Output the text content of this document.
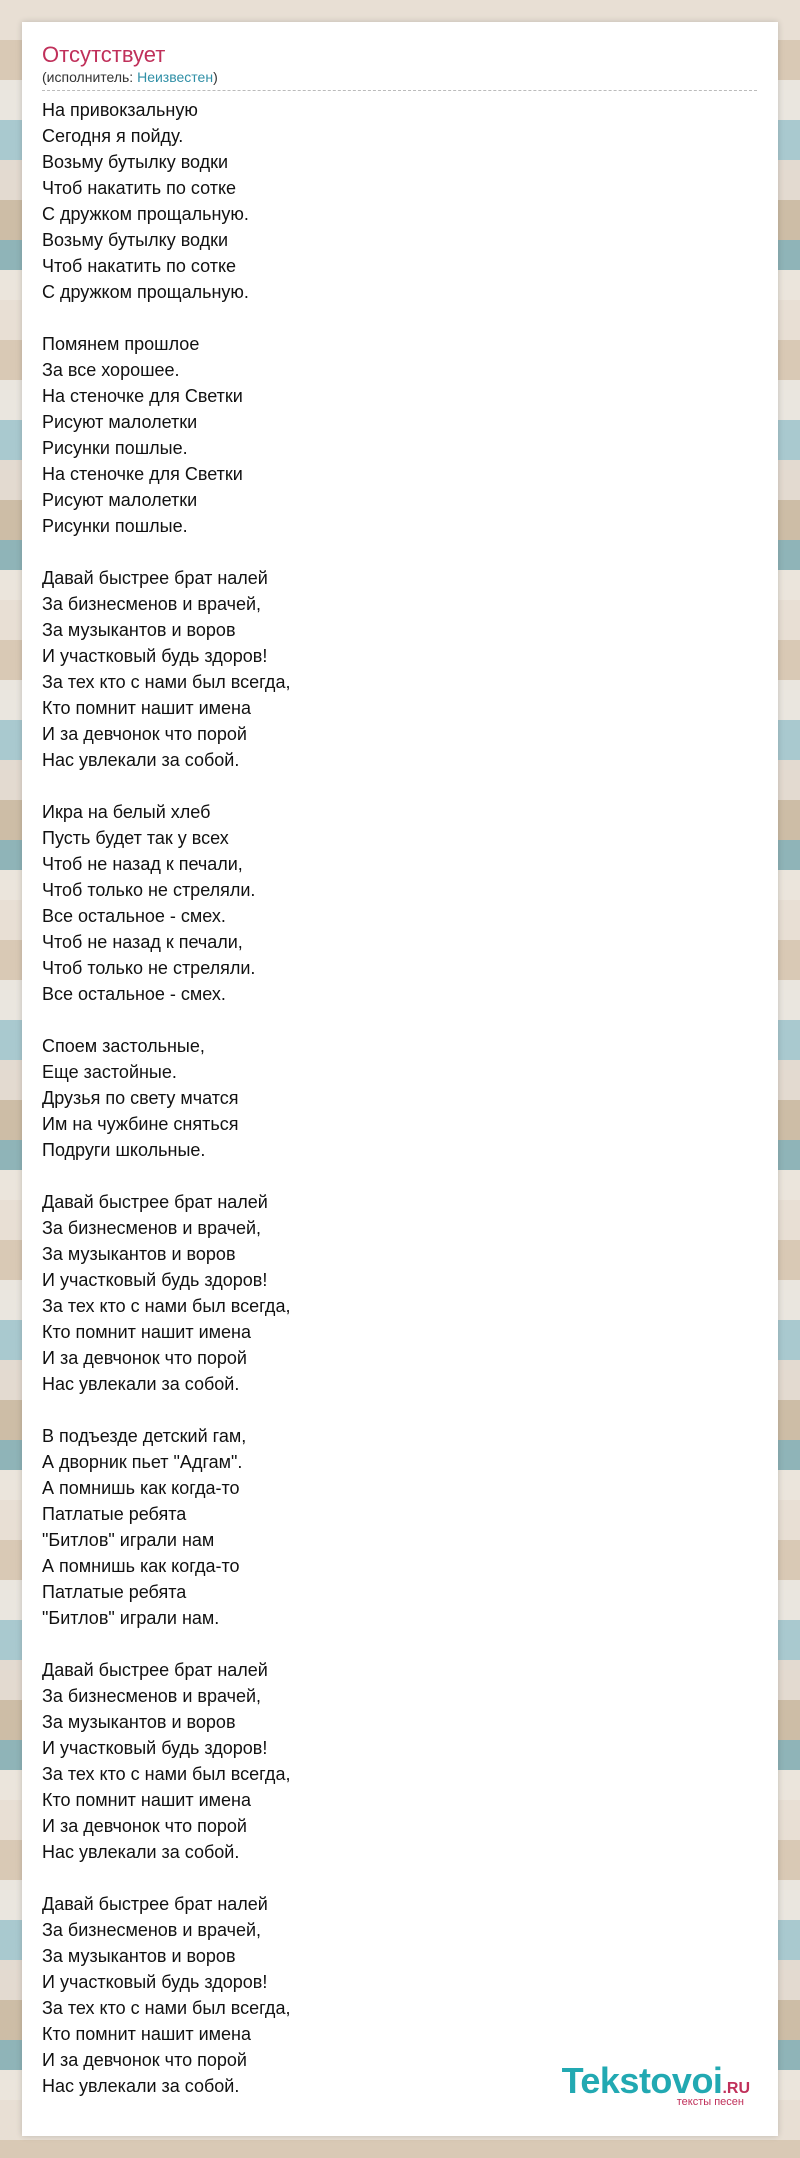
Отсутствует
(исполнитель: Неизвестен)
На привокзальную
Сегодня я пойду.
Возьму бутылку водки
Чтоб накатить по сотке
С дружком прощальную.
Возьму бутылку водки
Чтоб накатить по сотке
С дружком прощальную.
Помянем прошлое
За все хорошее.
На стеночке для Светки
Рисуют малолетки
Рисунки пошлые.
На стеночке для Светки
Рисуют малолетки
Рисунки пошлые.
Давай быстрее брат налей
За бизнесменов и врачей,
За музыкантов и воров
И участковый будь здоров!
За тех кто с нами был всегда,
Кто помнит нашит имена
И за девчонок что порой
Нас увлекали за собой.
Икра на белый хлеб
Пусть будет так у всех
Чтоб не назад к печали,
Чтоб только не стреляли.
Все остальное - смех.
Чтоб не назад к печали,
Чтоб только не стреляли.
Все остальное - смех.
Споем застольные,
Еще застойные.
Друзья по свету мчатся
Им на чужбине сняться
Подруги школьные.
Давай быстрее брат налей
За бизнесменов и врачей,
За музыкантов и воров
И участковый будь здоров!
За тех кто с нами был всегда,
Кто помнит нашит имена
И за девчонок что порой
Нас увлекали за собой.
В подъезде детский гам,
А дворник пьет "Адгам".
А помнишь как когда-то
Патлатые ребята
"Битлов" играли нам
А помнишь как когда-то
Патлатые ребята
"Битлов" играли нам.
Давай быстрее брат налей
За бизнесменов и врачей,
За музыкантов и воров
И участковый будь здоров!
За тех кто с нами был всегда,
Кто помнит нашит имена
И за девчонок что порой
Нас увлекали за собой.
Давай быстрее брат налей
За бизнесменов и врачей,
За музыкантов и воров
И участковый будь здоров!
За тех кто с нами был всегда,
Кто помнит нашит имена
И за девчонок что порой
Нас увлекали за собой.	Tekstovoi.RU
тексты песен
